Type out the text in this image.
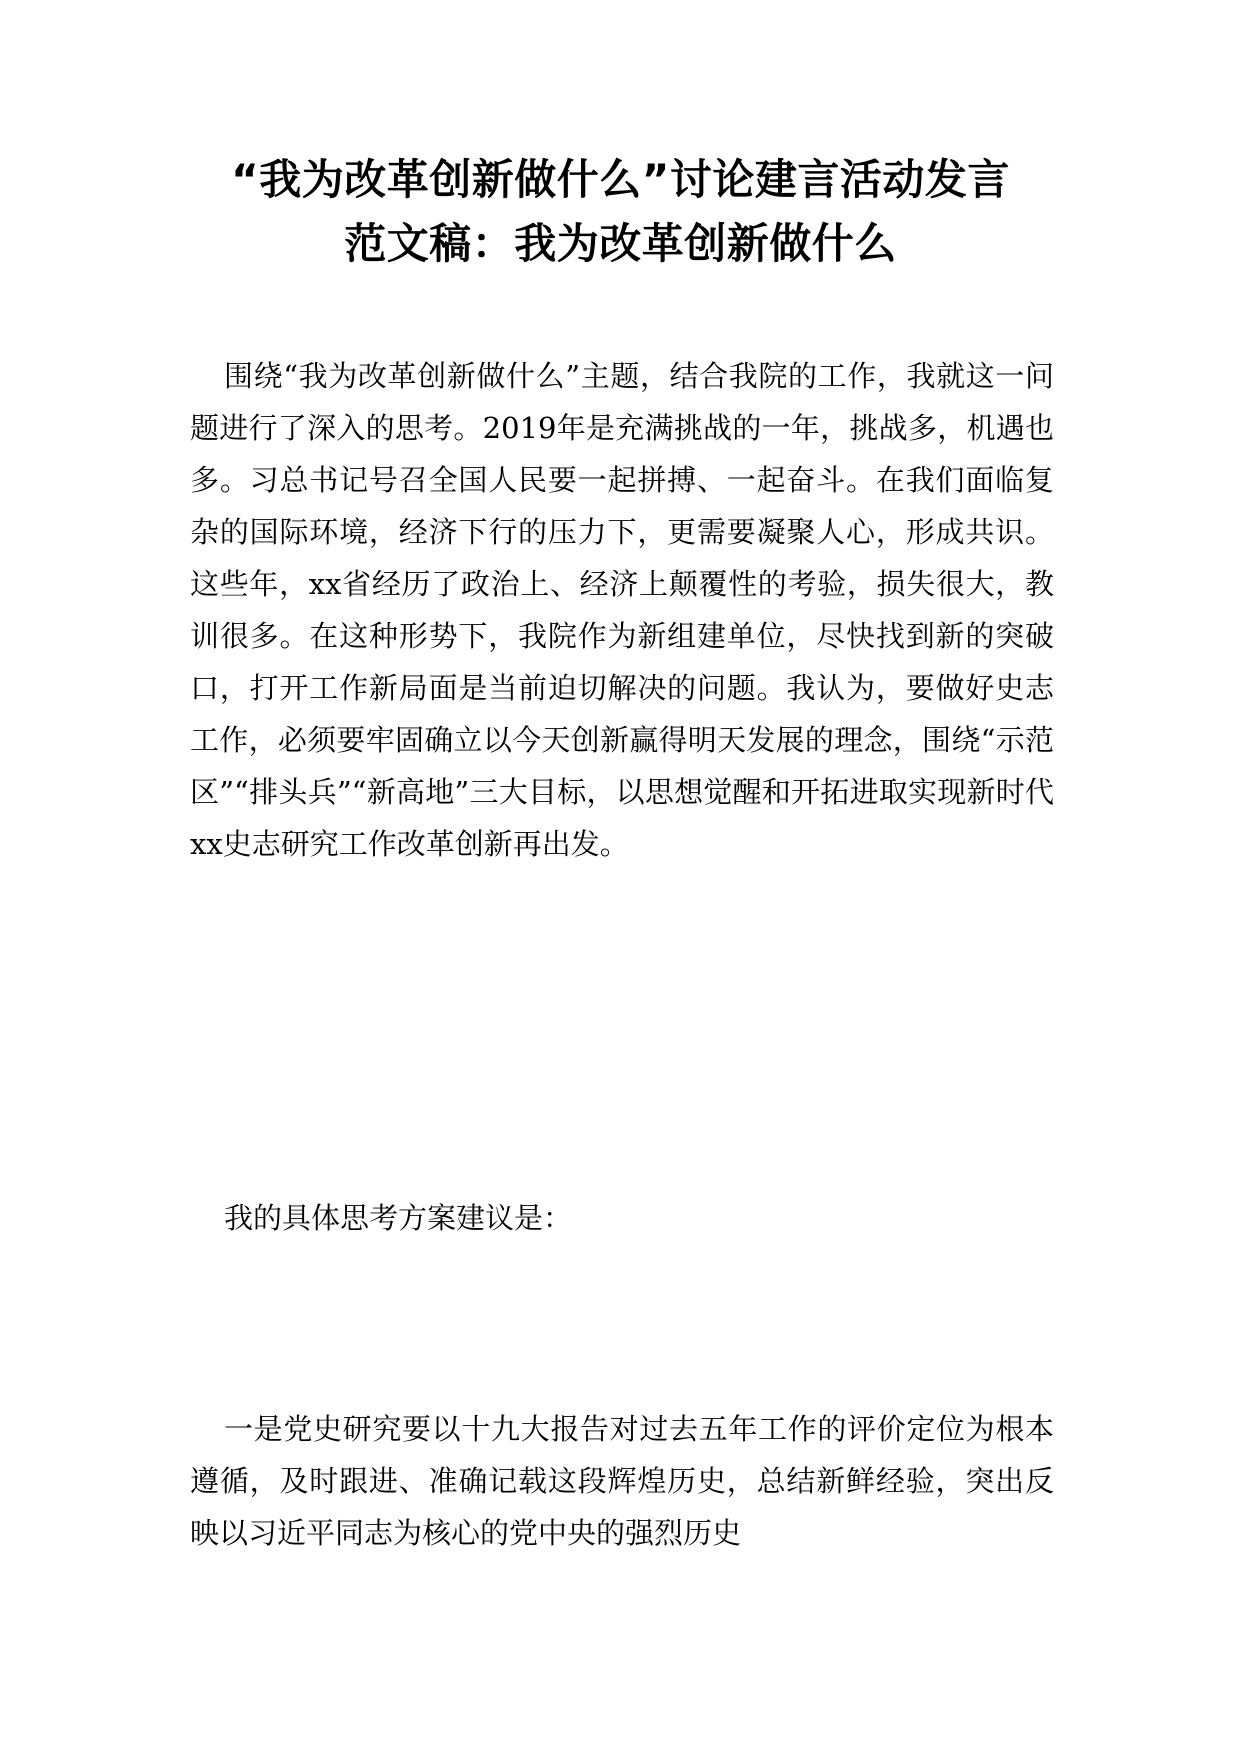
“我为改革创新做什么”讨论建言活动发言
范文稿：我为改革创新做什么

围绕“我为改革创新做什么”主题，结合我院的工作，我就这一问题进行了深入的思考。2019年是充满挑战的一年，挑战多，机遇也多。习总书记号召全国人民要一起拼搏、一起奋斗。在我们面临复杂的国际环境，经济下行的压力下，更需要凝聚人心，形成共识。这些年，xx省经历了政治上、经济上颠覆性的考验，损失很大，教训很多。在这种形势下，我院作为新组建单位，尽快找到新的突破口，打开工作新局面是当前迫切解决的问题。我认为，要做好史志工作，必须要牢固确立以今天创新赢得明天发展的理念，围绕“示范区”“排头兵”“新高地”三大目标，以思想觉醒和开拓进取实现新时代xx史志研究工作改革创新再出发。

我的具体思考方案建议是：

一是党史研究要以十九大报告对过去五年工作的评价定位为根本遵循，及时跟进、准确记载这段辉煌历史，总结新鲜经验，突出反映以习近平同志为核心的党中央的强烈历史
